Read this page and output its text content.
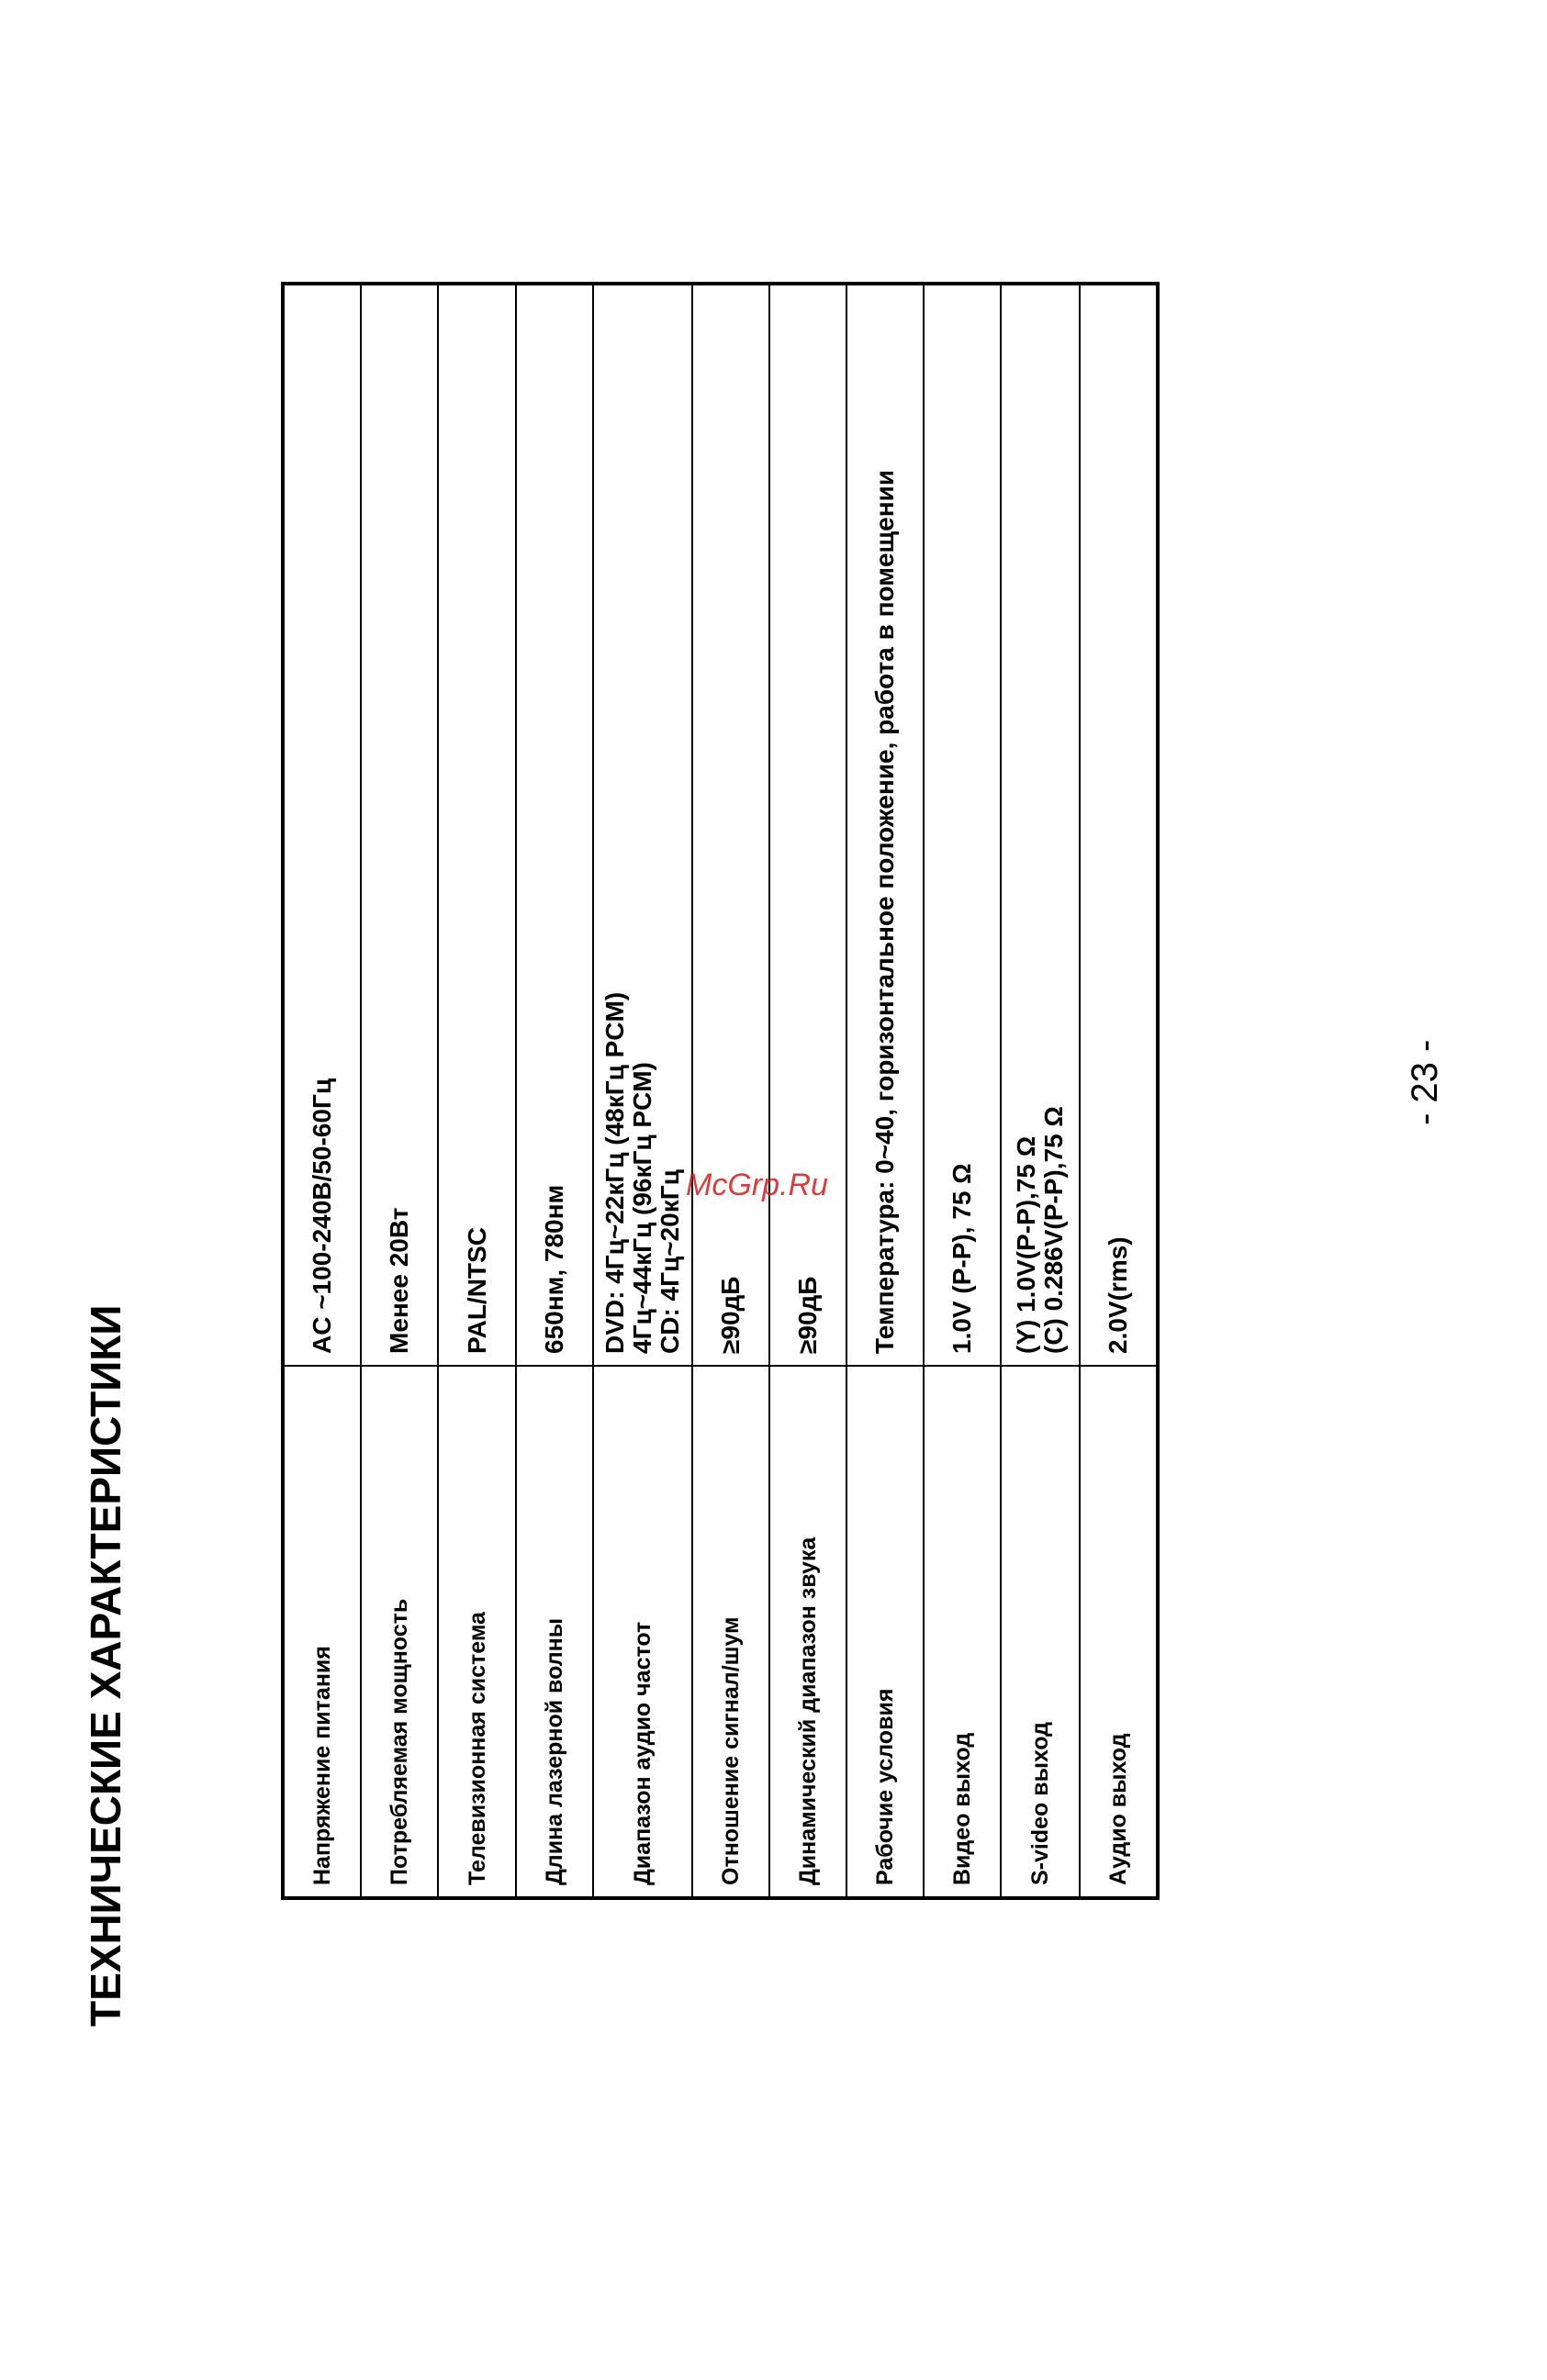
ТЕХНИЧЕСКИЕ ХАРАКТЕРИСТИКИ	Напряжение питания	AC ~100-240В/50-60Гц
Потребляемая мощность	Менее 20Вт
Телевизионная система	PAL/NTSC
Длина лазерной волны	650нм, 780нм
Диапазон аудио частот	DVD: 4Гц~22кГц (48кГц PCM) 4Гц~44кГц (96кГц PCM) CD: 4Гц~20кГц

Отношение сигнал/шум	≥90дБ
Динамический диапазон звука	≥90дБ
Рабочие условия	Температура: 0~40, горизонтальное положение, работа в помещении
Видео выход	1.0V (P-P), 75 Ω
S-video выход	(Y) 1.0V(P-P),75 Ω (C) 0.286V(P-P),75 Ω

Аудио выход	2.0V(rms)
- 23 -
McGrp.Ru
